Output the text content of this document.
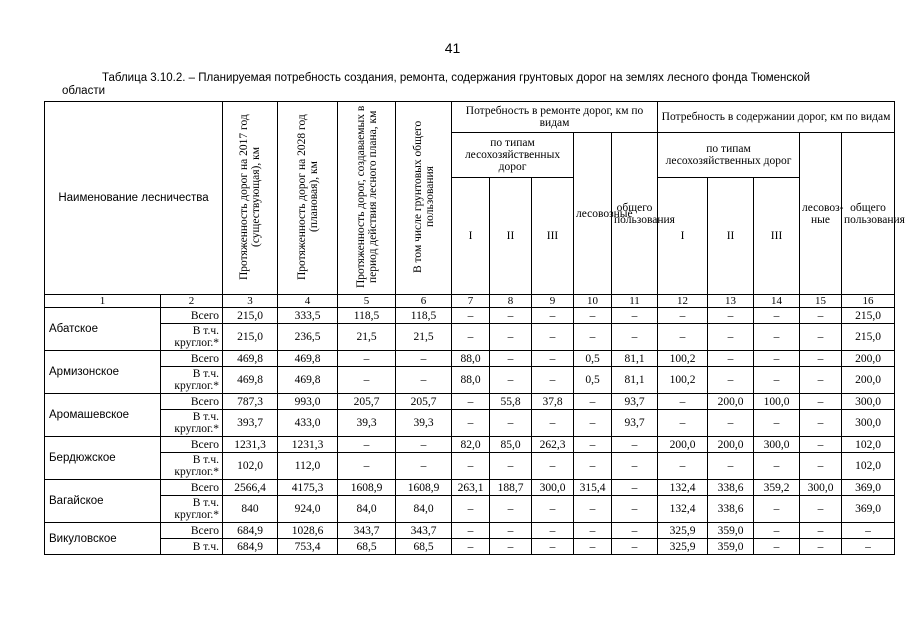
41
Таблица 3.10.2. – Планируемая потребность создания, ремонта, содержания грунтовых дорог на землях лесного фонда Тюменской
области
Наименование лесничества		Протяженность дорог на 2017 год (существующая), км	Протяженность дорог на 2028 год (плановая), км	Протяженность дорог, создаваемых в период действия лесного плана, км	В том числе грунтовых общего пользования	Потребность в ремонте дорог, км по видам					Потребность в содержании дорог, км по видам				
						по типам лесохозяйственных дорог			лесовозные	общего пользования	по типам лесохозяйственных дорог			лесовоз-ные	общего пользования
						I	II	III			I	II	III		
1	2	3	4	5	6	7	8	9	10	11	12	13	14	15	16
Абатское	Всего	215,0	333,5	118,5	118,5	–	–	–	–	–	–	–	–	–	215,0
	В т.ч. круглог.*	215,0	236,5	21,5	21,5	–	–	–	–	–	–	–	–	–	215,0
Армизонское	Всего	469,8	469,8	–	–	88,0	–	–	0,5	81,1	100,2	–	–	–	200,0
	В т.ч. круглог.*	469,8	469,8	–	–	88,0	–	–	0,5	81,1	100,2	–	–	–	200,0
Аромашевское	Всего	787,3	993,0	205,7	205,7	–	55,8	37,8	–	93,7	–	200,0	100,0	–	300,0
	В т.ч. круглог.*	393,7	433,0	39,3	39,3	–	–	–	–	93,7	–	–	–	–	300,0
Бердюжское	Всего	1231,3	1231,3	–	–	82,0	85,0	262,3	–	–	200,0	200,0	300,0	–	102,0
	В т.ч. круглог.*	102,0	112,0	–	–	–	–	–	–	–	–	–	–	–	102,0
Вагайское	Всего	2566,4	4175,3	1608,9	1608,9	263,1	188,7	300,0	315,4	–	132,4	338,6	359,2	300,0	369,0
	В т.ч. круглог.*	840	924,0	84,0	84,0	–	–	–	–	–	132,4	338,6	–	–	369,0
Викуловское	Всего	684,9	1028,6	343,7	343,7	–	–	–	–	–	325,9	359,0	–	–	–
	В т.ч.	684,9	753,4	68,5	68,5	–	–	–	–	–	325,9	359,0	–	–	–
